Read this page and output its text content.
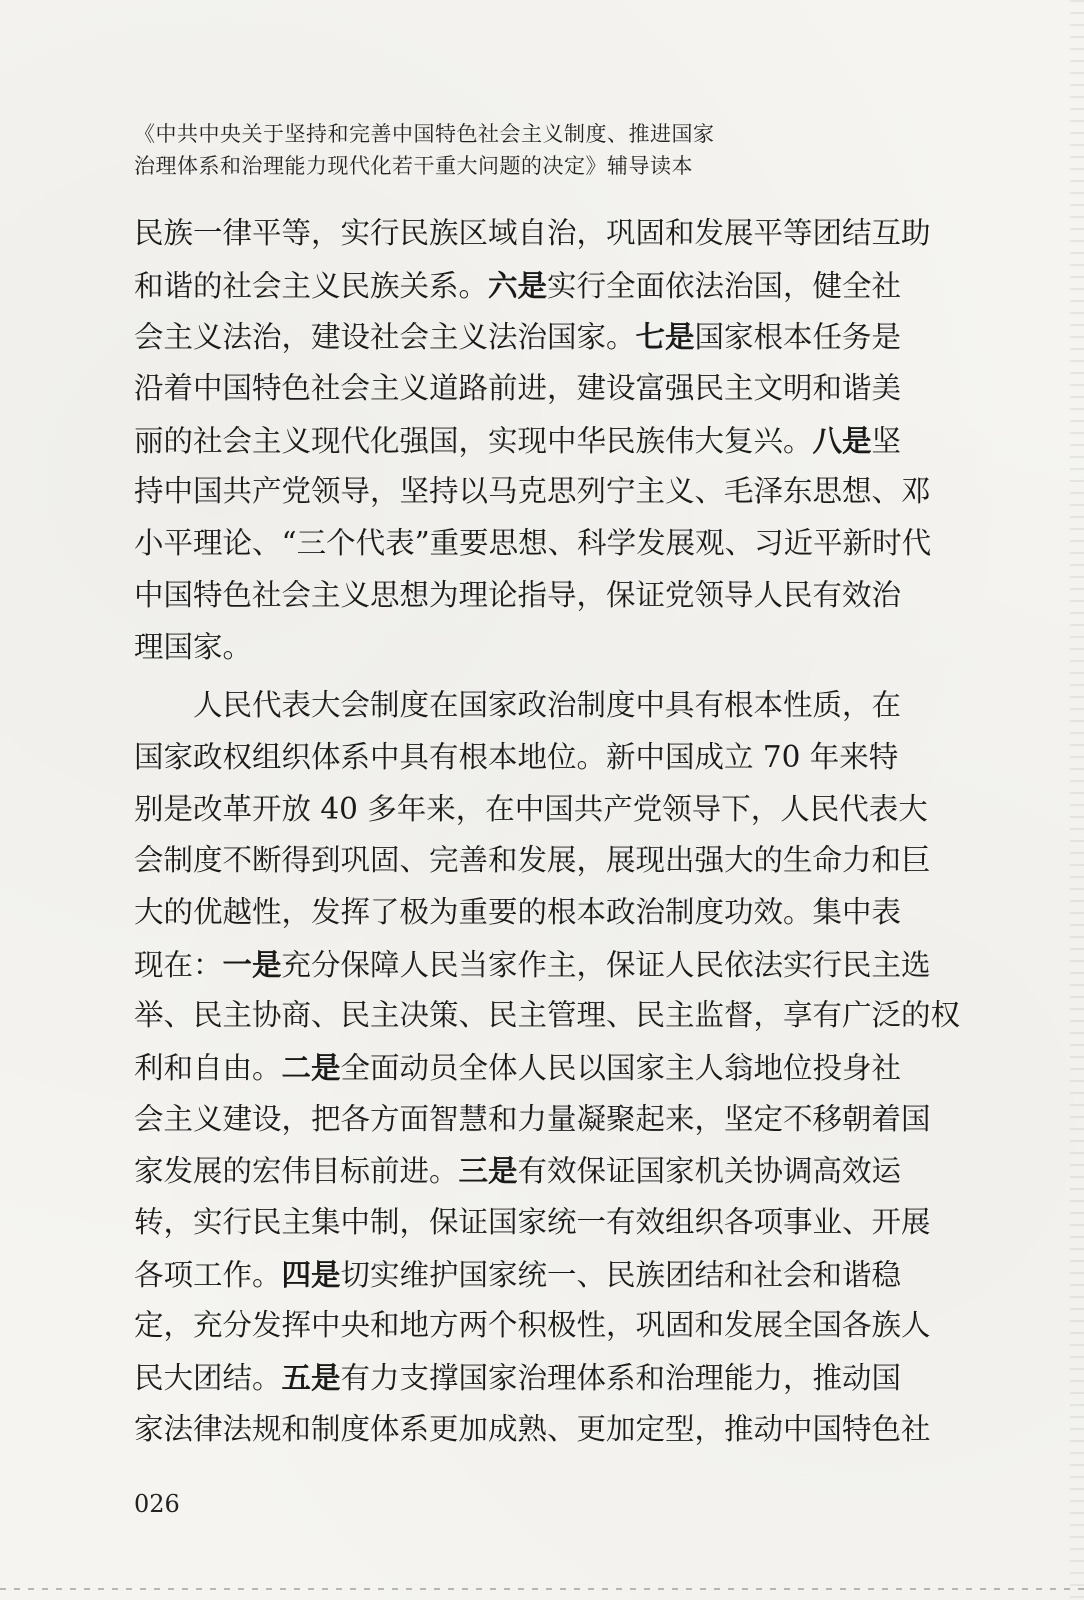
《中共中央关于坚持和完善中国特色社会主义制度、推进国家
治理体系和治理能力现代化若干重大问题的决定》辅导读本
民族一律平等，实行民族区域自治，巩固和发展平等团结互助
和谐的社会主义民族关系。六是实行全面依法治国，健全社
会主义法治，建设社会主义法治国家。七是国家根本任务是
沿着中国特色社会主义道路前进，建设富强民主文明和谐美
丽的社会主义现代化强国，实现中华民族伟大复兴。八是坚
持中国共产党领导，坚持以马克思列宁主义、毛泽东思想、邓
小平理论、“三个代表”重要思想、科学发展观、习近平新时代
中国特色社会主义思想为理论指导，保证党领导人民有效治
理国家。
人民代表大会制度在国家政治制度中具有根本性质，在
国家政权组织体系中具有根本地位。新中国成立 70 年来特
别是改革开放 40 多年来，在中国共产党领导下，人民代表大
会制度不断得到巩固、完善和发展，展现出强大的生命力和巨
大的优越性，发挥了极为重要的根本政治制度功效。集中表
现在：一是充分保障人民当家作主，保证人民依法实行民主选
举、民主协商、民主决策、民主管理、民主监督，享有广泛的权
利和自由。二是全面动员全体人民以国家主人翁地位投身社
会主义建设，把各方面智慧和力量凝聚起来，坚定不移朝着国
家发展的宏伟目标前进。三是有效保证国家机关协调高效运
转，实行民主集中制，保证国家统一有效组织各项事业、开展
各项工作。四是切实维护国家统一、民族团结和社会和谐稳
定，充分发挥中央和地方两个积极性，巩固和发展全国各族人
民大团结。五是有力支撑国家治理体系和治理能力，推动国
家法律法规和制度体系更加成熟、更加定型，推动中国特色社
026
